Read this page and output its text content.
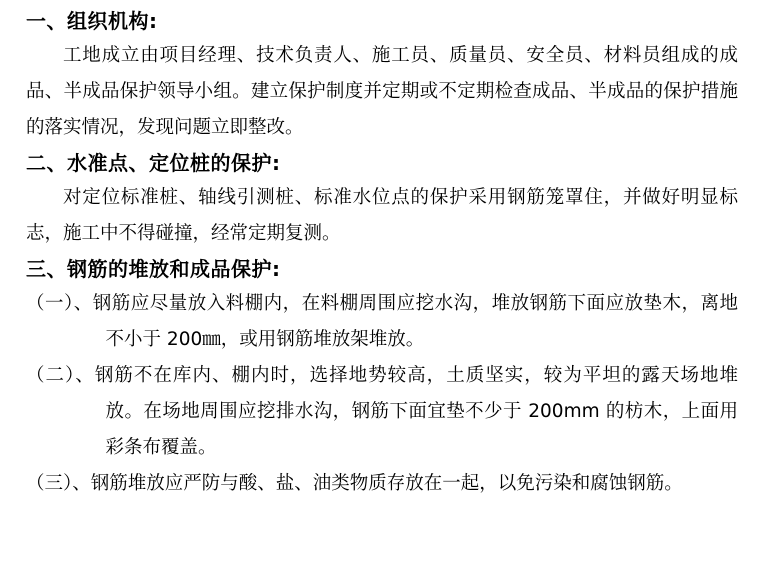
一、组织机构:

工地成立由项目经理、技术负责人、施工员、质量员、安全员、材料员组成的成品、半成品保护领导小组。建立保护制度并定期或不定期检查成品、半成品的保护措施的落实情况，发现问题立即整改。

二、水准点、定位桩的保护:

对定位标准桩、轴线引测桩、标准水位点的保护采用钢筋笼罩住，并做好明显标志，施工中不得碰撞，经常定期复测。

三、钢筋的堆放和成品保护:

（一）、钢筋应尽量放入料棚内，在料棚周围应挖水沟，堆放钢筋下面应放垫木，离地不小于 200㎜，或用钢筋堆放架堆放。

（二）、钢筋不在库内、棚内时，选择地势较高，土质坚实，较为平坦的露天场地堆放。在场地周围应挖排水沟，钢筋下面宜垫不少于 200mm 的枋木，上面用彩条布覆盖。

（三）、钢筋堆放应严防与酸、盐、油类物质存放在一起，以免污染和腐蚀钢筋。
